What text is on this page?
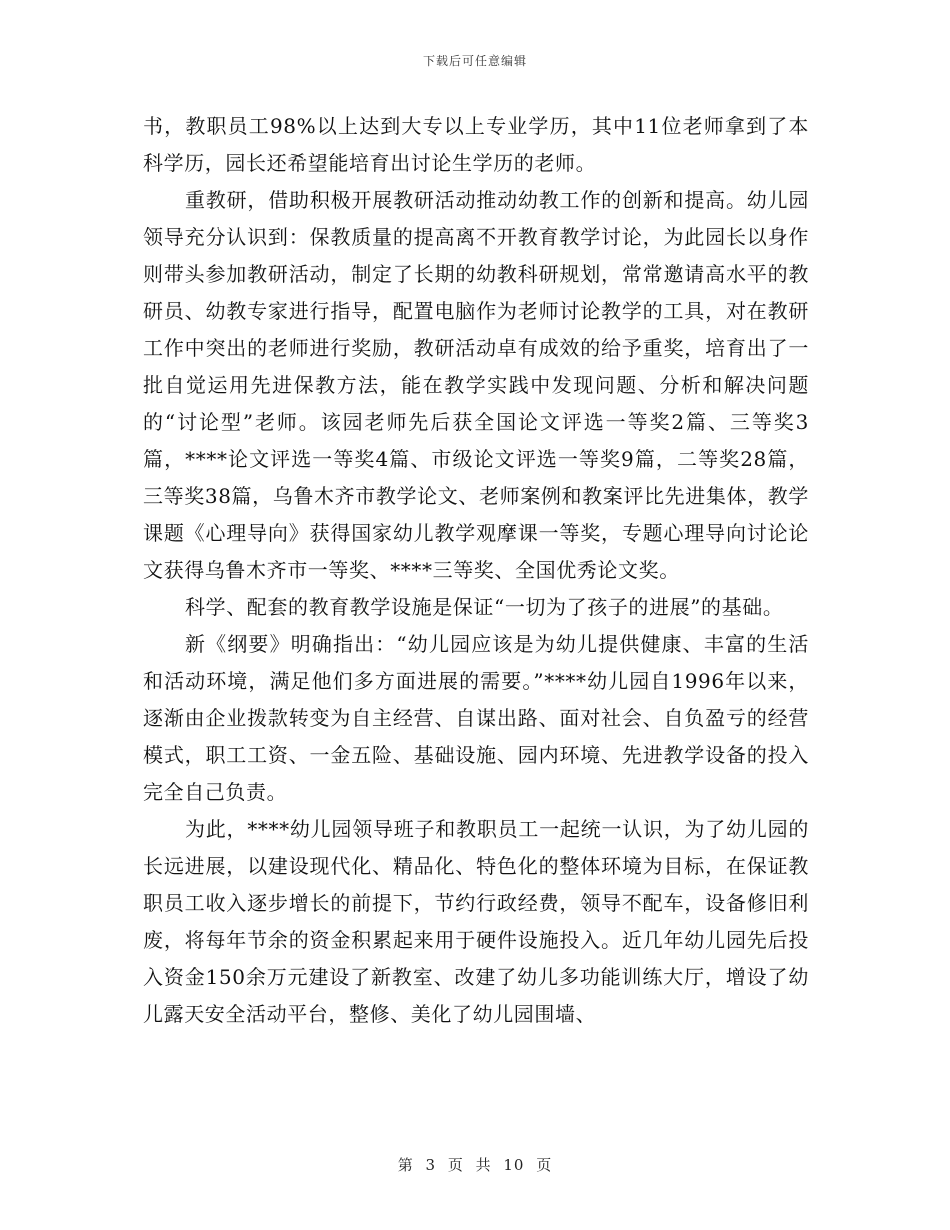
下载后可任意编辑

书，教职员工98%以上达到大专以上专业学历，其中11位老师拿到了本科学历，园长还希望能培育出讨论生学历的老师。

重教研，借助积极开展教研活动推动幼教工作的创新和提高。幼儿园领导充分认识到：保教质量的提高离不开教育教学讨论，为此园长以身作则带头参加教研活动，制定了长期的幼教科研规划，常常邀请高水平的教研员、幼教专家进行指导，配置电脑作为老师讨论教学的工具，对在教研工作中突出的老师进行奖励，教研活动卓有成效的给予重奖，培育出了一批自觉运用先进保教方法，能在教学实践中发现问题、分析和解决问题的“讨论型”老师。该园老师先后获全国论文评选一等奖2篇、三等奖3篇，****论文评选一等奖4篇、市级论文评选一等奖9篇，二等奖28篇，三等奖38篇，乌鲁木齐市教学论文、老师案例和教案评比先进集体，教学课题《心理导向》获得国家幼儿教学观摩课一等奖，专题心理导向讨论论文获得乌鲁木齐市一等奖、****三等奖、全国优秀论文奖。

科学、配套的教育教学设施是保证“一切为了孩子的进展”的基础。

新《纲要》明确指出：“幼儿园应该是为幼儿提供健康、丰富的生活和活动环境，满足他们多方面进展的需要。”****幼儿园自1996年以来，逐渐由企业拨款转变为自主经营、自谋出路、面对社会、自负盈亏的经营模式，职工工资、一金五险、基础设施、园内环境、先进教学设备的投入完全自己负责。

为此，****幼儿园领导班子和教职员工一起统一认识，为了幼儿园的长远进展，以建设现代化、精品化、特色化的整体环境为目标，在保证教职员工收入逐步增长的前提下，节约行政经费，领导不配车，设备修旧利废，将每年节余的资金积累起来用于硬件设施投入。近几年幼儿园先后投入资金150余万元建设了新教室、改建了幼儿多功能训练大厅，增设了幼儿露天安全活动平台，整修、美化了幼儿园围墙、

第 3 页 共 10 页
